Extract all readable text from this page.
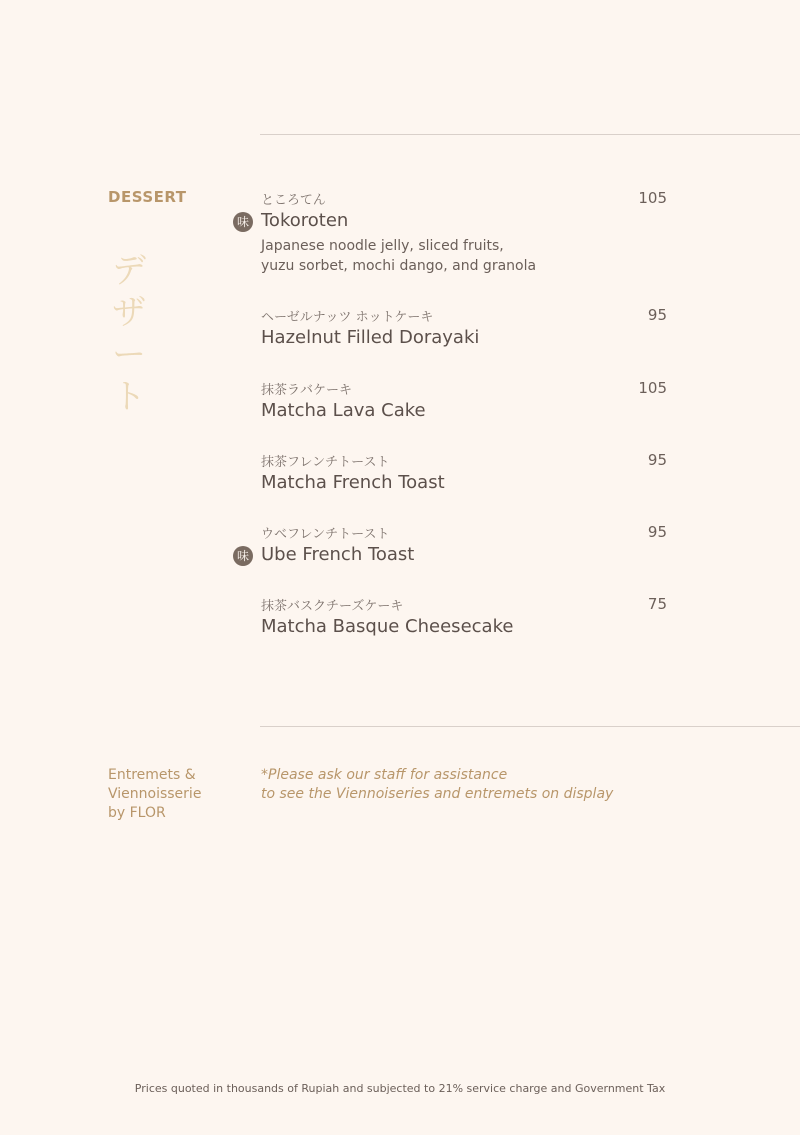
DESSERT
デ
ザ
ー
ト
ところてん	105
味 Tokoroten
Japanese noodle jelly, sliced fruits,
yuzu sorbet, mochi dango, and granola
ヘーゼルナッツ ホットケーキ	95
Hazelnut Filled Dorayaki
抹茶ラバケーキ	105
Matcha Lava Cake
抹茶フレンチトースト	95
Matcha French Toast
ウベフレンチトースト	95
味 Ube French Toast
抹茶バスクチーズケーキ	75
Matcha Basque Cheesecake
Entremets &
Viennoisserie
by FLOR
*Please ask our staff for assistance
to see the Viennoiseries and entremets on display
Prices quoted in thousands of Rupiah and subjected to 21% service charge and Government Tax
